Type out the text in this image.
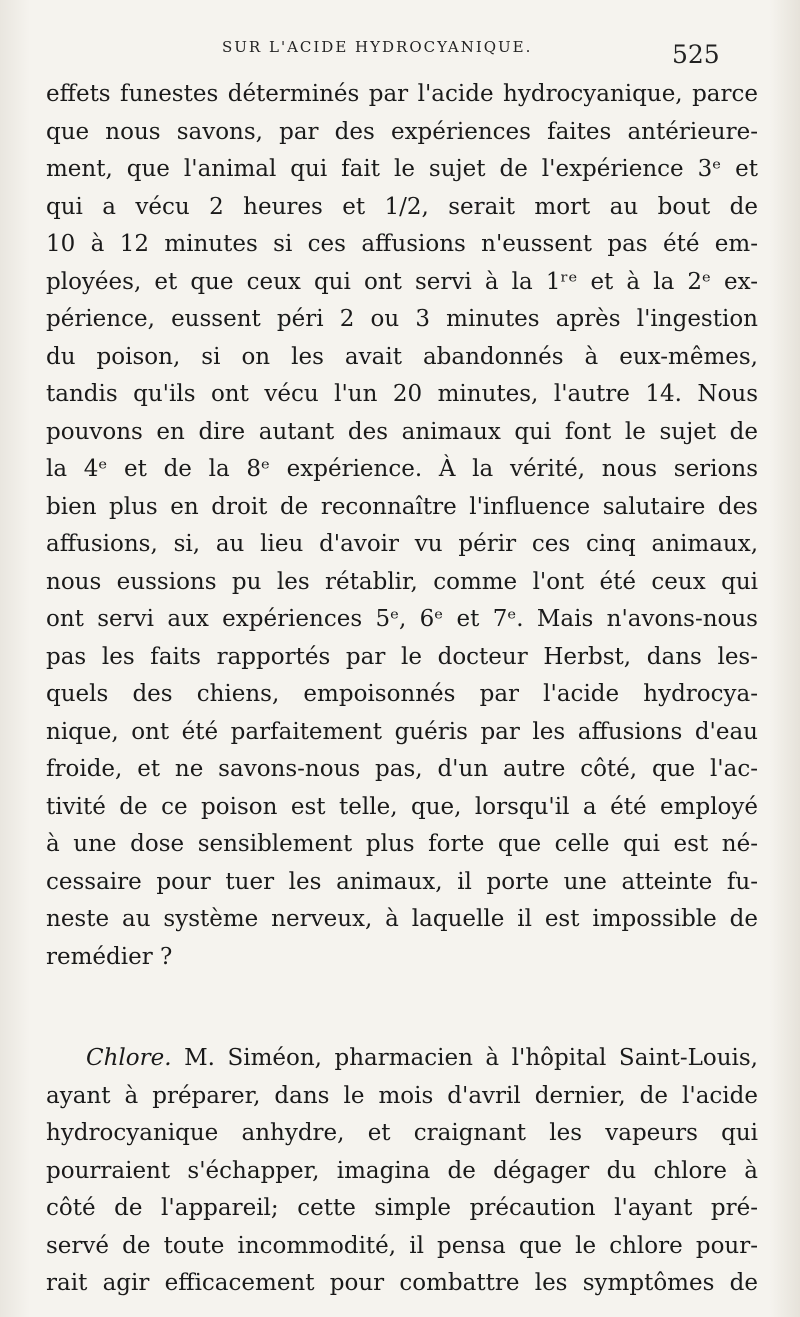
SUR L'ACIDE HYDROCYANIQUE.	525
effets funestes déterminés par l'acide hydrocyanique, parce
que nous savons, par des expériences faites antérieure-
ment, que l'animal qui fait le sujet de l'expérience 3ᵉ et
qui a vécu 2 heures et 1/2, serait mort au bout de
10 à 12 minutes si ces affusions n'eussent pas été em-
ployées, et que ceux qui ont servi à la 1ʳᵉ et à la 2ᵉ ex-
périence, eussent péri 2 ou 3 minutes après l'ingestion
du poison, si on les avait abandonnés à eux-mêmes,
tandis qu'ils ont vécu l'un 20 minutes, l'autre 14. Nous
pouvons en dire autant des animaux qui font le sujet de
la 4ᵉ et de la 8ᵉ expérience. À la vérité, nous serions
bien plus en droit de reconnaître l'influence salutaire des
affusions, si, au lieu d'avoir vu périr ces cinq animaux,
nous eussions pu les rétablir, comme l'ont été ceux qui
ont servi aux expériences 5ᵉ, 6ᵉ et 7ᵉ. Mais n'avons-nous
pas les faits rapportés par le docteur Herbst, dans les-
quels des chiens, empoisonnés par l'acide hydrocya-
nique, ont été parfaitement guéris par les affusions d'eau
froide, et ne savons-nous pas, d'un autre côté, que l'ac-
tivité de ce poison est telle, que, lorsqu'il a été employé
à une dose sensiblement plus forte que celle qui est né-
cessaire pour tuer les animaux, il porte une atteinte fu-
neste au système nerveux, à laquelle il est impossible de
remédier ?
Chlore. M. Siméon, pharmacien à l'hôpital Saint-Louis,
ayant à préparer, dans le mois d'avril dernier, de l'acide
hydrocyanique anhydre, et craignant les vapeurs qui
pourraient s'échapper, imagina de dégager du chlore à
côté de l'appareil; cette simple précaution l'ayant pré-
servé de toute incommodité, il pensa que le chlore pour-
rait agir efficacement pour combattre les symptômes de
